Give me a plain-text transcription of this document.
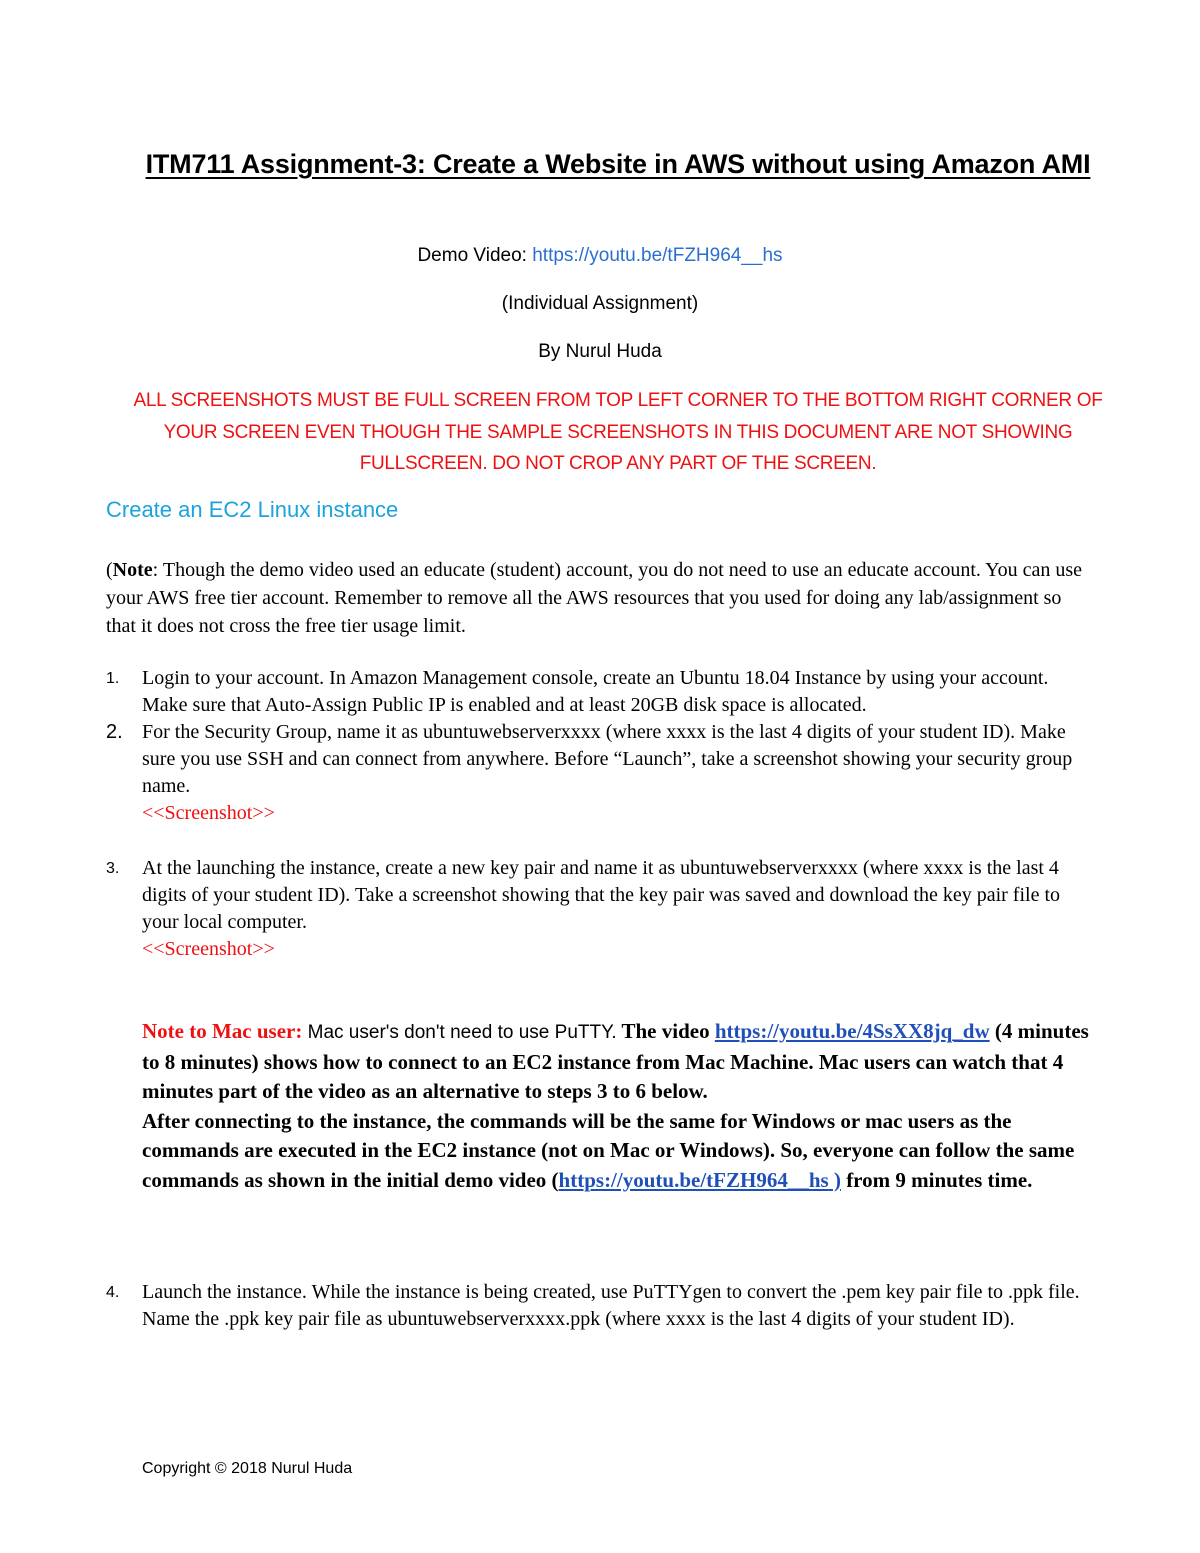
ITM711 Assignment-3: Create a Website in AWS without using Amazon AMI
Demo Video: https://youtu.be/tFZH964__hs
(Individual Assignment)
By Nurul Huda
ALL SCREENSHOTS MUST BE FULL SCREEN FROM TOP LEFT CORNER TO THE BOTTOM RIGHT CORNER OF YOUR SCREEN EVEN THOUGH THE SAMPLE SCREENSHOTS IN THIS DOCUMENT ARE NOT SHOWING FULLSCREEN. DO NOT CROP ANY PART OF THE SCREEN.
Create an EC2 Linux instance
(Note: Though the demo video used an educate (student) account, you do not need to use an educate account. You can use your AWS free tier account. Remember to remove all the AWS resources that you used for doing any lab/assignment so that it does not cross the free tier usage limit.
1. Login to your account. In Amazon Management console, create an Ubuntu 18.04 Instance by using your account. Make sure that Auto-Assign Public IP is enabled and at least 20GB disk space is allocated.
2. For the Security Group, name it as ubuntuwebserverxxxx (where xxxx is the last 4 digits of your student ID). Make sure you use SSH and can connect from anywhere. Before “Launch”, take a screenshot showing your security group name.
<<Screenshot>>
3. At the launching the instance, create a new key pair and name it as ubuntuwebserverxxxx (where xxxx is the last 4 digits of your student ID). Take a screenshot showing that the key pair was saved and download the key pair file to your local computer.
<<Screenshot>>
Note to Mac user: Mac user's don't need to use PuTTY. The video https://youtu.be/4SsXX8jq_dw (4 minutes to 8 minutes) shows how to connect to an EC2 instance from Mac Machine. Mac users can watch that 4 minutes part of the video as an alternative to steps 3 to 6 below.
After connecting to the instance, the commands will be the same for Windows or mac users as the commands are executed in the EC2 instance (not on Mac or Windows). So, everyone can follow the same commands as shown in the initial demo video (https://youtu.be/tFZH964__hs ) from 9 minutes time.
4. Launch the instance. While the instance is being created, use PuTTYgen to convert the .pem key pair file to .ppk file. Name the .ppk key pair file as ubuntuwebserverxxxx.ppk (where xxxx is the last 4 digits of your student ID).
Copyright © 2018 Nurul Huda
